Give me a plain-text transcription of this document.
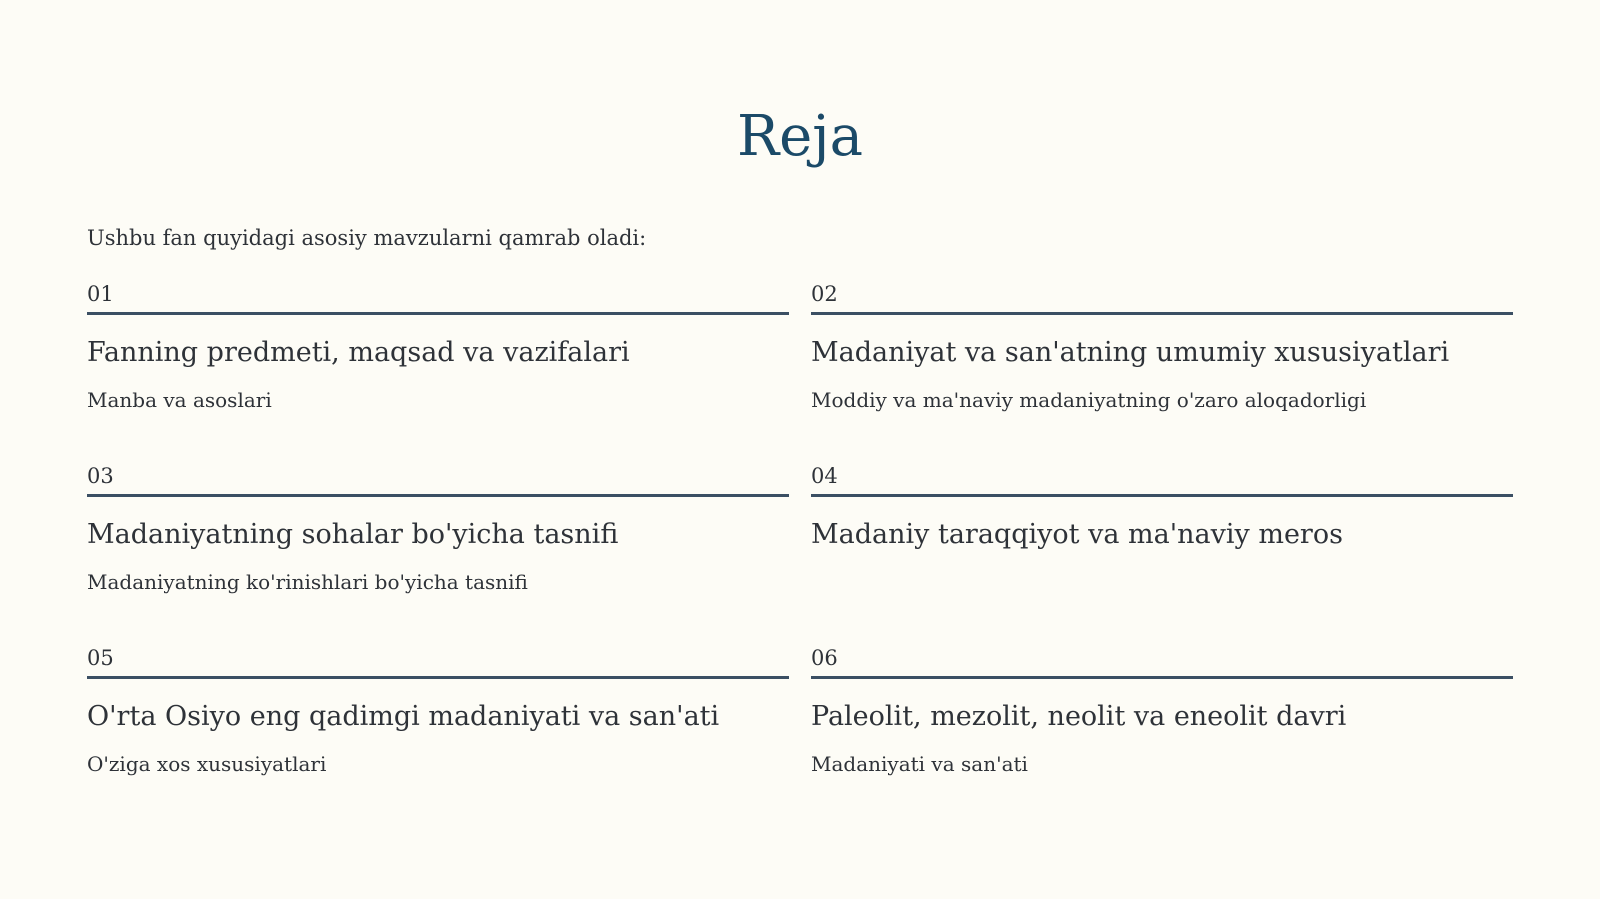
Reja

Ushbu fan quyidagi asosiy mavzularni qamrab oladi:

01
Fanning predmeti, maqsad va vazifalari
Manba va asoslari
02
Madaniyat va san'atning umumiy xususiyatlari
Moddiy va ma'naviy madaniyatning o'zaro aloqadorligi
03
Madaniyatning sohalar bo'yicha tasnifi
Madaniyatning ko'rinishlari bo'yicha tasnifi
04
Madaniy taraqqiyot va ma'naviy meros
05
O'rta Osiyo eng qadimgi madaniyati va san'ati
O'ziga xos xususiyatlari
06
Paleolit, mezolit, neolit va eneolit davri
Madaniyati va san'ati
